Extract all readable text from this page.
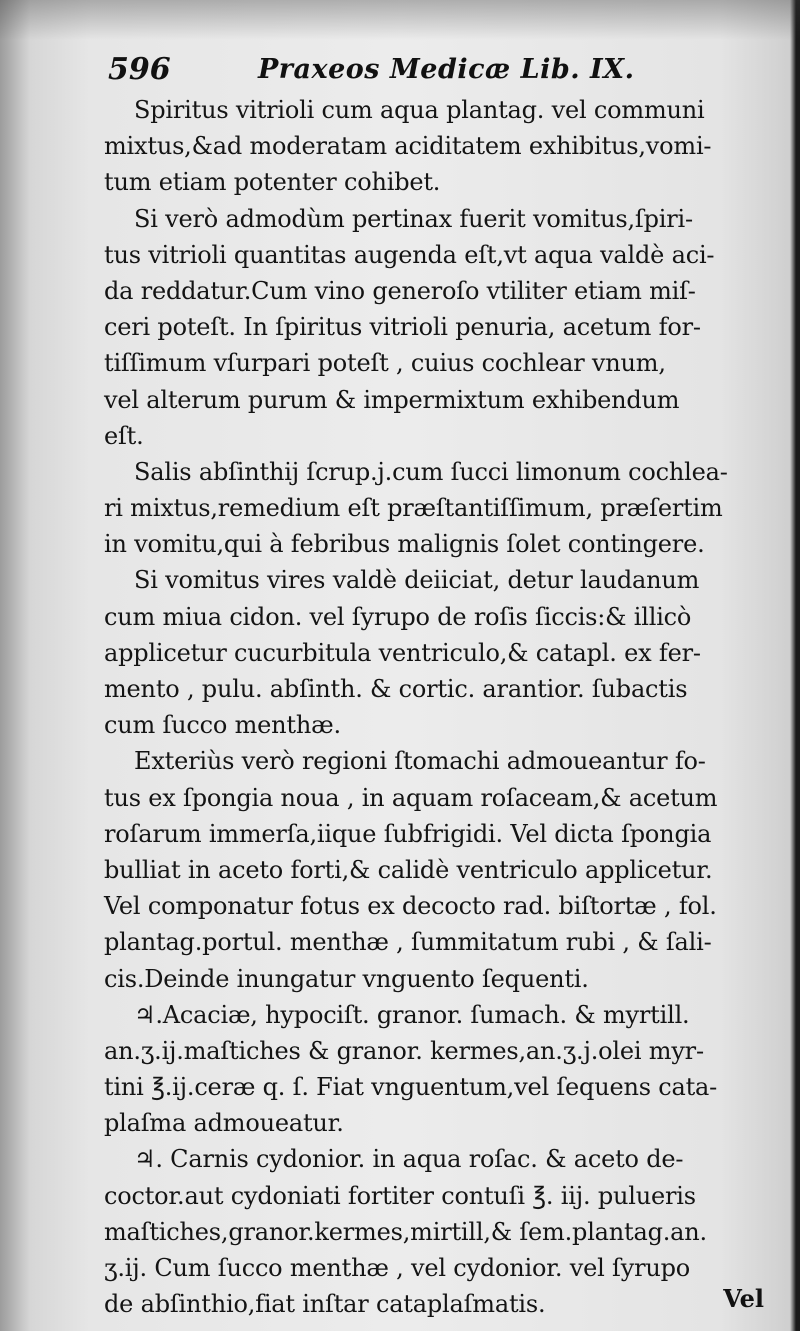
596	Praxeos Medicæ Lib. IX.
Spiritus vitrioli cum aqua plantag. vel communi
mixtus,&ad moderatam aciditatem exhibitus,vomi-
tum etiam potenter cohibet.
Si verò admodùm pertinax fuerit vomitus,ſpiri-
tus vitrioli quantitas augenda eſt,vt aqua valdè aci-
da reddatur.Cum vino generoſo vtiliter etiam miſ-
ceri poteſt. In ſpiritus vitrioli penuria, acetum for-
tiſſimum vſurpari poteſt , cuius cochlear vnum,
vel alterum purum & impermixtum exhibendum
eſt.
Salis abſinthij ſcrup.j.cum ſucci limonum cochlea-
ri mixtus,remedium eſt præſtantiſſimum, præſertim
in vomitu,qui à febribus malignis ſolet contingere.
Si vomitus vires valdè deiiciat, detur laudanum
cum miua cidon. vel ſyrupo de roſis ſiccis:& illicò
applicetur cucurbitula ventriculo,& catapl. ex fer-
mento , pulu. abſinth. & cortic. arantior. ſubactis
cum ſucco menthæ.
Exteriùs verò regioni ſtomachi admoueantur fo-
tus ex ſpongia noua , in aquam roſaceam,& acetum
roſarum immerſa,iique ſubfrigidi. Vel dicta ſpongia
bulliat in aceto forti,& calidè ventriculo applicetur.
Vel componatur fotus ex decocto rad. biſtortæ , fol.
plantag.portul. menthæ , ſummitatum rubi , & ſali-
cis.Deinde inungatur vnguento ſequenti.
♃.Acaciæ, hypociſt. granor. ſumach. & myrtill.
an.ʒ.ij.maſtiches & granor. kermes,an.ʒ.j.olei myr-
tini ℥.ij.ceræ q. ſ. Fiat vnguentum,vel ſequens cata-
plaſma admoueatur.
♃. Carnis cydonior. in aqua roſac. & aceto de-
coctor.aut cydoniati fortiter contuſi ℥. iij. pulueris
maſtiches,granor.kermes,mirtill,& ſem.plantag.an.
ʒ.ij. Cum ſucco menthæ , vel cydonior. vel ſyrupo
de abſinthio,fiat inſtar cataplaſmatis.	Vel
